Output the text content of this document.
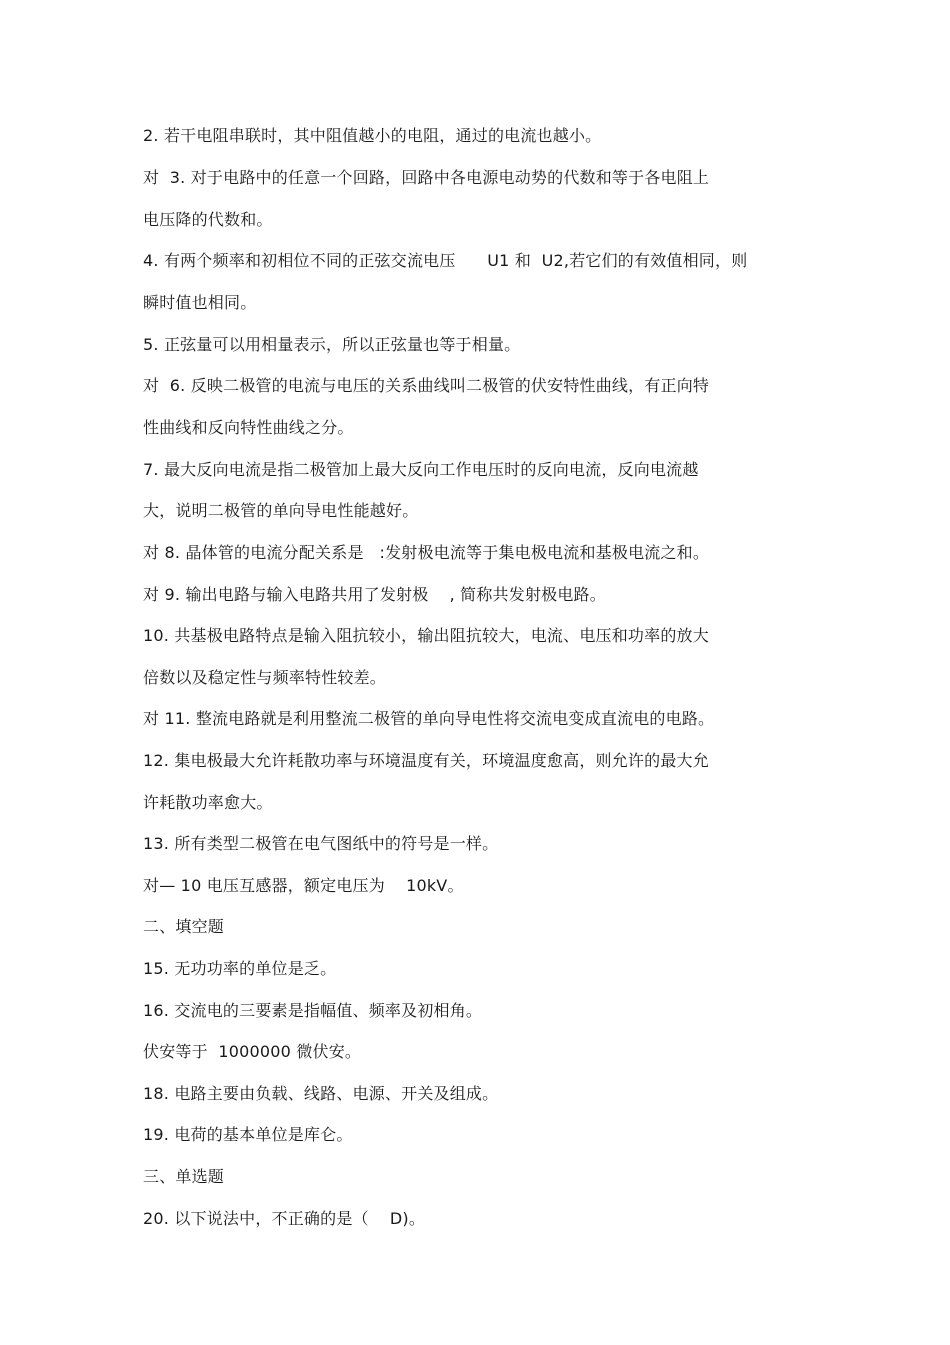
2. 若干电阻串联时，其中阻值越小的电阻，通过的电流也越小。
对  3. 对于电路中的任意一个回路，回路中各电源电动势的代数和等于各电阻上
电压降的代数和。
4. 有两个频率和初相位不同的正弦交流电压      U1 和  U2,若它们的有效值相同，则
瞬时值也相同。
5. 正弦量可以用相量表示，所以正弦量也等于相量。
对  6. 反映二极管的电流与电压的关系曲线叫二极管的伏安特性曲线，有正向特
性曲线和反向特性曲线之分。
7. 最大反向电流是指二极管加上最大反向工作电压时的反向电流，反向电流越
大，说明二极管的单向导电性能越好。
对 8. 晶体管的电流分配关系是   :发射极电流等于集电极电流和基极电流之和。
对 9. 输出电路与输入电路共用了发射极    , 简称共发射极电路。
10. 共基极电路特点是输入阻抗较小，输出阻抗较大，电流、电压和功率的放大
倍数以及稳定性与频率特性较差。
对 11. 整流电路就是利用整流二极管的单向导电性将交流电变成直流电的电路。
12. 集电极最大允许耗散功率与环境温度有关，环境温度愈高，则允许的最大允
许耗散功率愈大。
13. 所有类型二极管在电气图纸中的符号是一样。
对— 10 电压互感器，额定电压为    10kV。
二、填空题
15. 无功功率的单位是乏。
16. 交流电的三要素是指幅值、频率及初相角。
伏安等于  1000000 微伏安。
18. 电路主要由负载、线路、电源、开关及组成。
19. 电荷的基本单位是库仑。
三、单选题
20. 以下说法中，不正确的是（    D)。
